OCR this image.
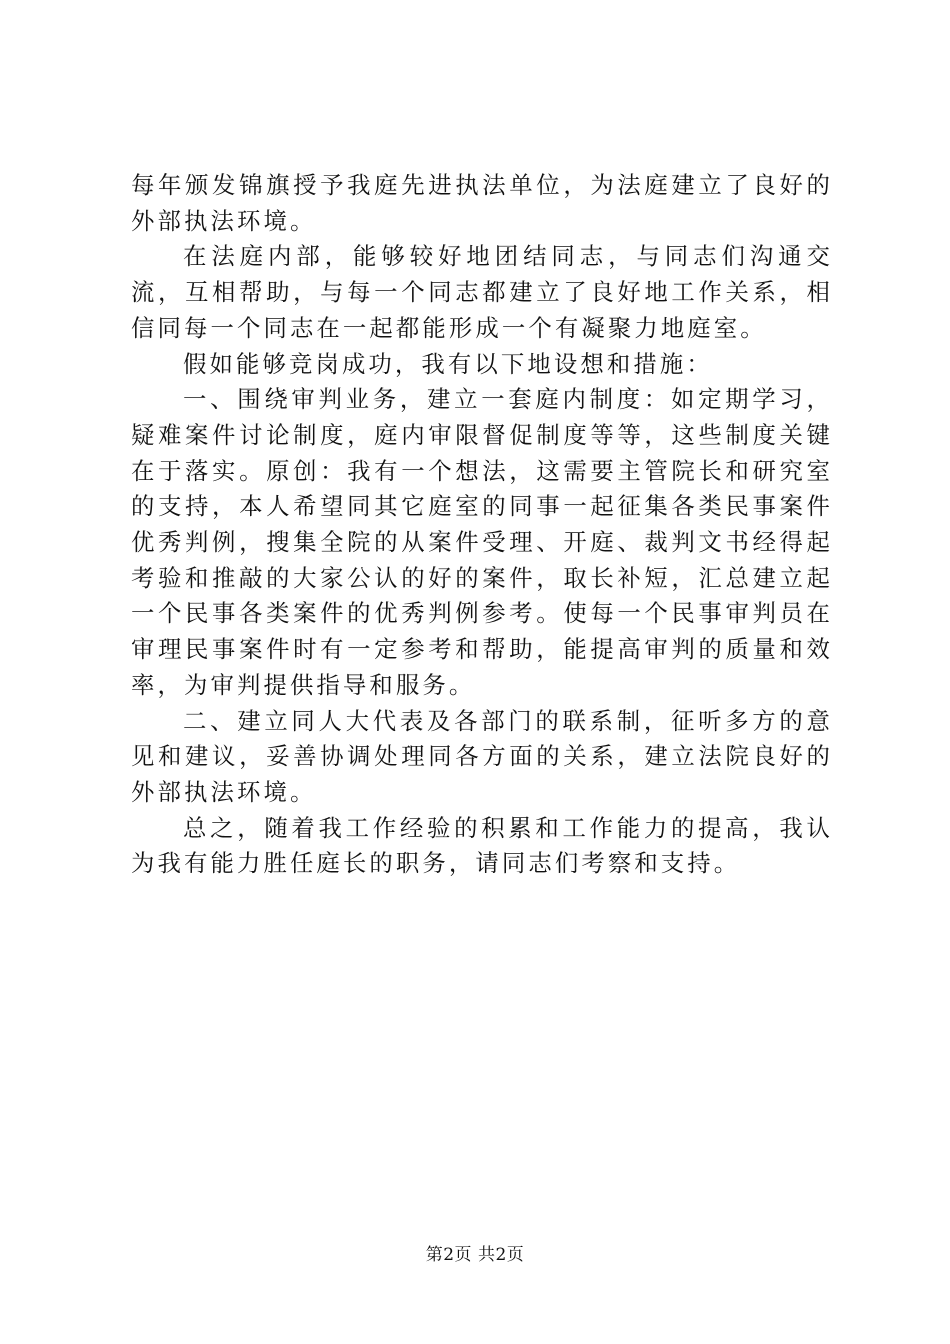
每年颁发锦旗授予我庭先进执法单位，为法庭建立了良好的外部执法环境。

在法庭内部，能够较好地团结同志，与同志们沟通交流，互相帮助，与每一个同志都建立了良好地工作关系，相信同每一个同志在一起都能形成一个有凝聚力地庭室。

假如能够竞岗成功，我有以下地设想和措施：

一、围绕审判业务，建立一套庭内制度：如定期学习，疑难案件讨论制度，庭内审限督促制度等等，这些制度关键在于落实。原创：我有一个想法，这需要主管院长和研究室的支持，本人希望同其它庭室的同事一起征集各类民事案件优秀判例，搜集全院的从案件受理、开庭、裁判文书经得起考验和推敲的大家公认的好的案件，取长补短，汇总建立起一个民事各类案件的优秀判例参考。使每一个民事审判员在审理民事案件时有一定参考和帮助，能提高审判的质量和效率，为审判提供指导和服务。

二、建立同人大代表及各部门的联系制，征听多方的意见和建议，妥善协调处理同各方面的关系，建立法院良好的外部执法环境。

总之，随着我工作经验的积累和工作能力的提高，我认为我有能力胜任庭长的职务，请同志们考察和支持。

第2页 共2页
